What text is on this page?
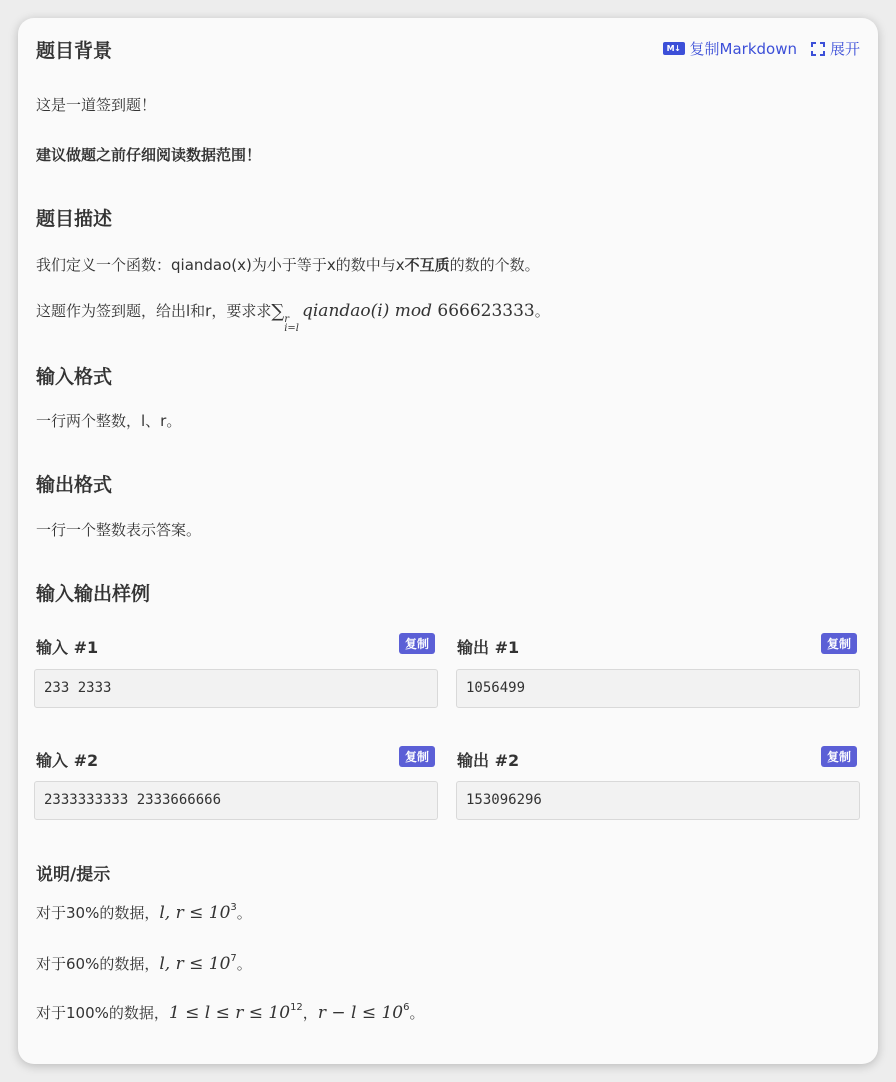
题目背景	M↓ 复制Markdown 展开
这是一道签到题！
建议做题之前仔细阅读数据范围！
题目描述
我们定义一个函数：qiandao(x)为小于等于x的数中与x不互质的数的个数。
这题作为签到题，给出l和r，要求求∑ r
i=l
qiandao(i) mod 666623333。
输入格式
一行两个整数，l、r。
输出格式
一行一个整数表示答案。
输入输出样例
输入 #1	复制
233 2333
输出 #1	复制
1056499
输入 #2	复制
2333333333 2333666666
输出 #2	复制
153096296
说明/提示
对于30%的数据，l, $r \le 10^3$。
对于60%的数据，l, $r \le 10^7$。
对于100%的数据，$1 \le l \le r \le 10^{12}$，$r - l \le 10^6$。
